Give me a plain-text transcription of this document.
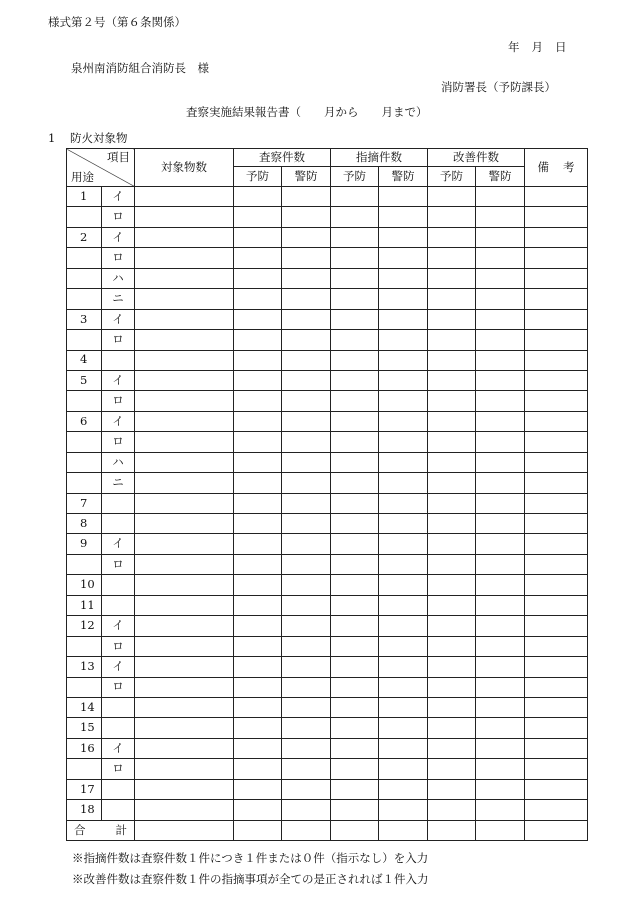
様式第２号（第６条関係）
年 月 日
泉州南消防組合消防長　様
消防署長（予防課長）
査察実施結果報告書（　　月から　　月まで）
1 防火対象物
項目
用途		対象物数	査察件数		指摘件数		改善件数		備考
			予防	警防	予防	警防	予防	警防	
1	イ								
	ロ								
2	イ								
	ロ								
	ハ								
	ニ								
3	イ								
	ロ								
4									
5	イ								
	ロ								
6	イ								
	ロ								
	ハ								
	ニ								
7									
8									
9	イ								
	ロ								
10									
11									
12	イ								
	ロ								
13	イ								
	ロ								
14									
15									
16	イ								
	ロ								
17									
18									
合計									
※指摘件数は査察件数１件につき１件または０件（指示なし）を入力
※改善件数は査察件数１件の指摘事項が全ての是正されれば１件入力
